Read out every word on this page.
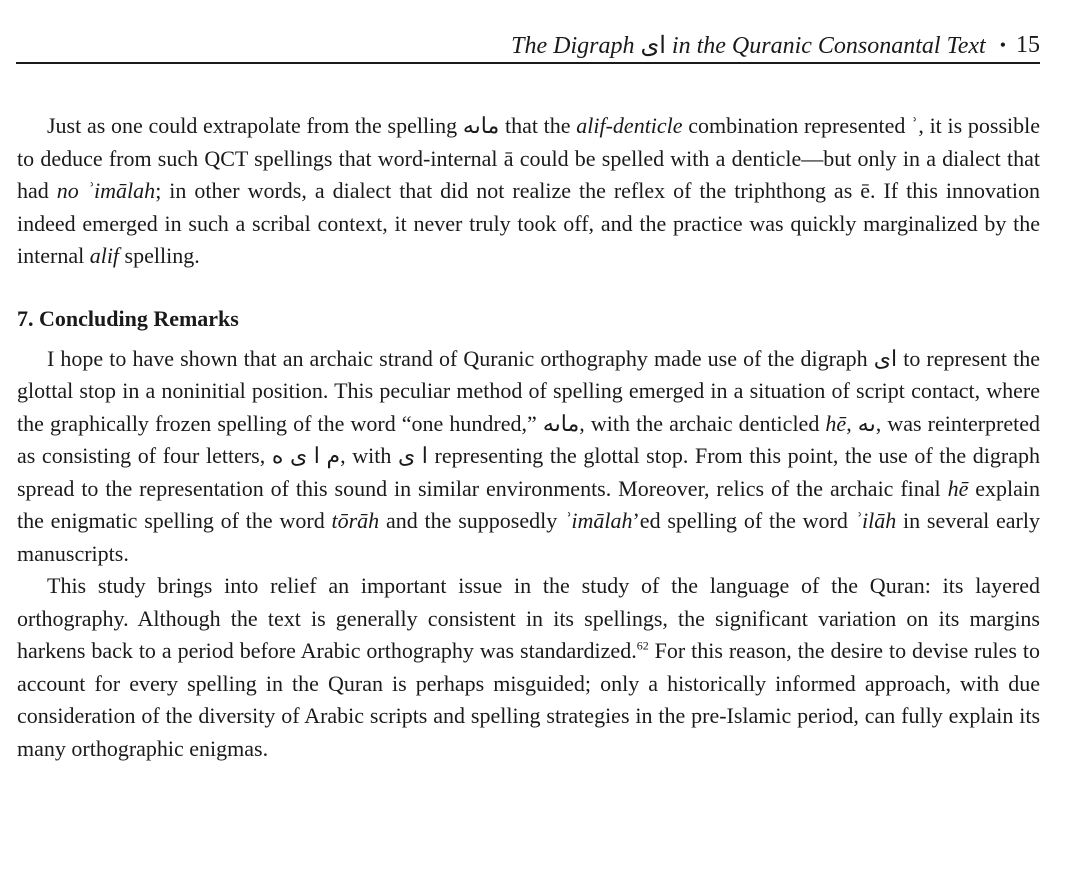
The Digraph ای in the Quranic Consonantal Text • 15

Just as one could extrapolate from the spelling ماىه that the alif-denticle combination represented ʾ, it is possible to deduce from such QCT spellings that word-internal ā could be spelled with a denticle—but only in a dialect that had no ʾimālah; in other words, a dialect that did not realize the reflex of the triphthong as ē. If this innovation indeed emerged in such a scribal context, it never truly took off, and the practice was quickly marginalized by the internal alif spelling.

7. Concluding Remarks

I hope to have shown that an archaic strand of Quranic orthography made use of the digraph ای to represent the glottal stop in a noninitial position. This peculiar method of spelling emerged in a situation of script contact, where the graphically frozen spelling of the word “one hundred,” ماىه, with the archaic denticled hē, ىه, was reinterpreted as consisting of four letters, م ا ى ه, with ا ى representing the glottal stop. From this point, the use of the digraph spread to the representation of this sound in similar environments. Moreover, relics of the archaic final hē explain the enigmatic spelling of the word tōrāh and the supposedly ʾimālah’ed spelling of the word ʾilāh in several early manuscripts.

This study brings into relief an important issue in the study of the language of the Quran: its layered orthography. Although the text is generally consistent in its spellings, the significant variation on its margins harkens back to a period before Arabic orthography was standardized.$^{62}$ For this reason, the desire to devise rules to account for every spelling in the Quran is perhaps misguided; only a historically informed approach, with due consideration of the diversity of Arabic scripts and spelling strategies in the pre-Islamic period, can fully explain its many orthographic enigmas.
